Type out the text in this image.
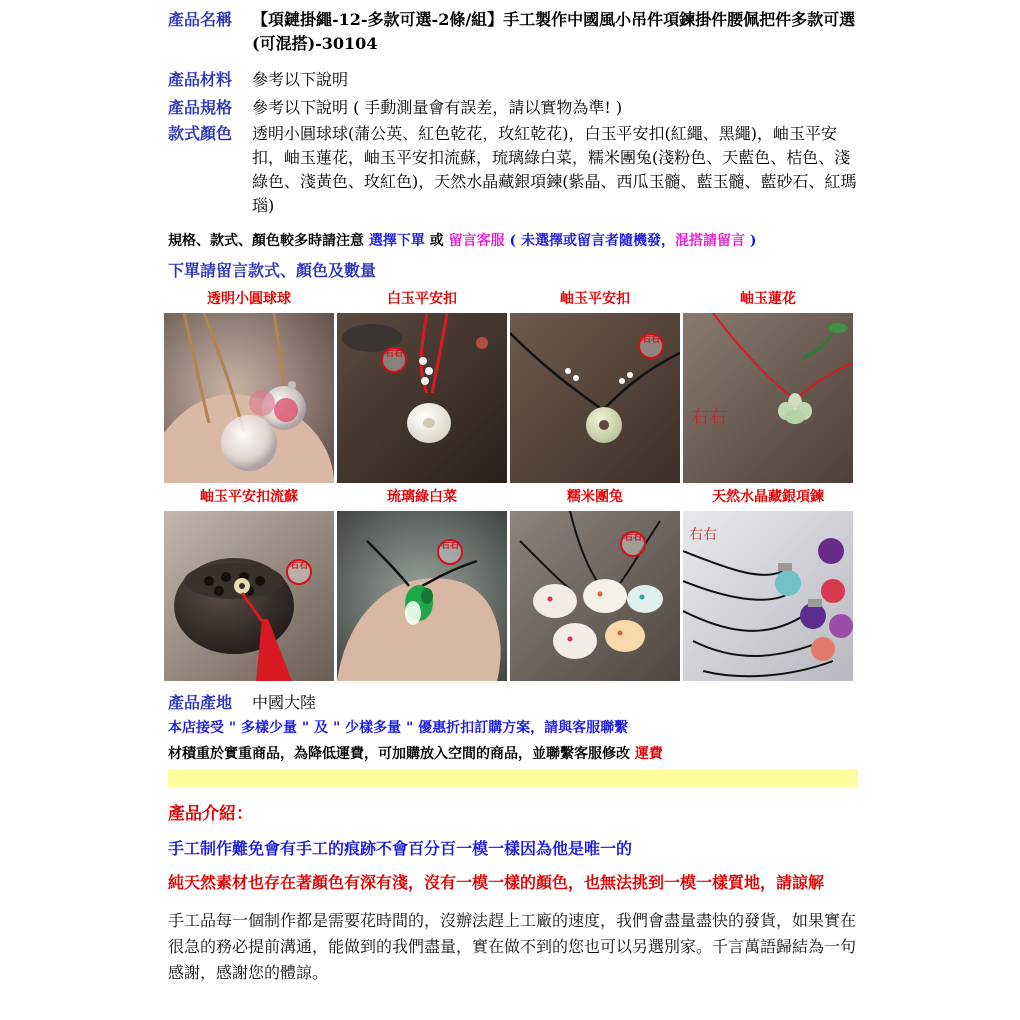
產品名稱	【項鏈掛繩-12-多款可選-2條/組】手工製作中國風小吊件項鍊掛件腰佩把件多款可選(可混搭)-30104
產品材料	參考以下說明
產品規格	參考以下說明 ( 手動測量會有誤差，請以實物為準! )
款式顏色	透明小圓球球(蒲公英、紅色乾花，玫紅乾花)，白玉平安扣(紅繩、黑繩)，岫玉平安扣，岫玉蓮花，岫玉平安扣流蘇，琉璃綠白菜，糯米團兔(淺粉色、天藍色、桔色、淺綠色、淺黃色、玫紅色)，天然水晶藏銀項鍊(紫晶、西瓜玉髓、藍玉髓、藍砂石、紅瑪瑙)
規格、款式、顏色較多時請注意 選擇下單 或 留言客服 ( 未選擇或留言者隨機發，混搭請留言 )
下單請留言款式、顏色及數量
透明小圓球球	白玉平安扣	岫玉平安扣	岫玉蓮花
右右
右右
右右
岫玉平安扣流蘇	琉璃綠白菜	糯米團兔	天然水晶藏銀項鍊
右右
右右
右右	右右
產品產地	中國大陸
本店接受 " 多樣少量 " 及 " 少樣多量 " 優惠折扣訂購方案，請與客服聯繫
材積重於實重商品，為降低運費，可加購放入空間的商品，並聯繫客服修改 運費
產品介紹：
手工制作難免會有手工的痕跡不會百分百一模一樣因為他是唯一的
純天然素材也存在著顏色有深有淺，沒有一模一樣的顏色，也無法挑到一模一樣質地，請諒解
手工品每一個制作都是需要花時間的，沒辦法趕上工廠的速度，我們會盡量盡快的發貨，如果實在很急的務必提前溝通，能做到的我們盡量，實在做不到的您也可以另選別家。千言萬語歸結為一句感謝，感謝您的體諒。
